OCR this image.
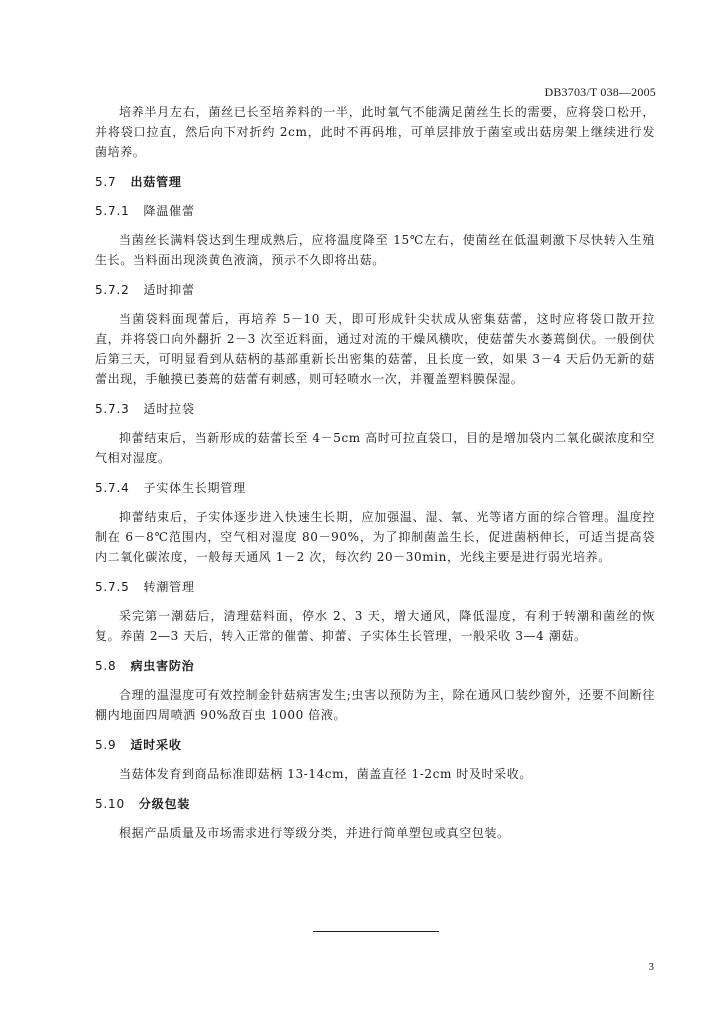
DB3703/T 038—2005

培养半月左右，菌丝已长至培养料的一半，此时氧气不能满足菌丝生长的需要，应将袋口松开，并将袋口拉直，然后向下对折约 2cm，此时不再码堆，可单层排放于菌室或出菇房架上继续进行发菌培养。

5.7 出菇管理

5.7.1 降温催蕾

当菌丝长满料袋达到生理成熟后，应将温度降至 15℃左右，使菌丝在低温刺激下尽快转入生殖生长。当料面出现淡黄色液滴，预示不久即将出菇。

5.7.2 适时抑蕾

当菌袋料面现蕾后，再培养 5－10 天，即可形成针尖状成从密集菇蕾，这时应将袋口散开拉直，并将袋口向外翻折 2－3 次至近料面，通过对流的干燥风横吹，使菇蕾失水萎蔫倒伏。一般倒伏后第三天，可明显看到从菇柄的基部重新长出密集的菇蕾，且长度一致，如果 3－4 天后仍无新的菇蕾出现，手触摸已萎蔫的菇蕾有刺感，则可轻喷水一次，并覆盖塑料膜保湿。

5.7.3 适时拉袋

抑蕾结束后，当新形成的菇蕾长至 4－5cm 高时可拉直袋口，目的是增加袋内二氧化碳浓度和空气相对湿度。

5.7.4 子实体生长期管理

抑蕾结束后，子实体逐步进入快速生长期，应加强温、湿、氧、光等诸方面的综合管理。温度控制在 6－8℃范围内，空气相对湿度 80－90%，为了抑制菌盖生长，促进菌柄伸长，可适当提高袋内二氧化碳浓度，一般每天通风 1－2 次，每次约 20－30min，光线主要是进行弱光培养。

5.7.5 转潮管理

采完第一潮菇后，清理菇料面，停水 2、3 天，增大通风，降低湿度，有利于转潮和菌丝的恢复。养菌 2—3 天后，转入正常的催蕾、抑蕾、子实体生长管理，一般采收 3—4 潮菇。

5.8 病虫害防治

合理的温湿度可有效控制金针菇病害发生;虫害以预防为主，除在通风口装纱窗外，还要不间断往棚内地面四周喷洒 90%敌百虫 1000 倍液。

5.9 适时采收

当菇体发育到商品标准即菇柄 13-14cm，菌盖直径 1-2cm 时及时采收。

5.10 分级包装

根据产品质量及市场需求进行等级分类，并进行简单塑包或真空包装。

3
